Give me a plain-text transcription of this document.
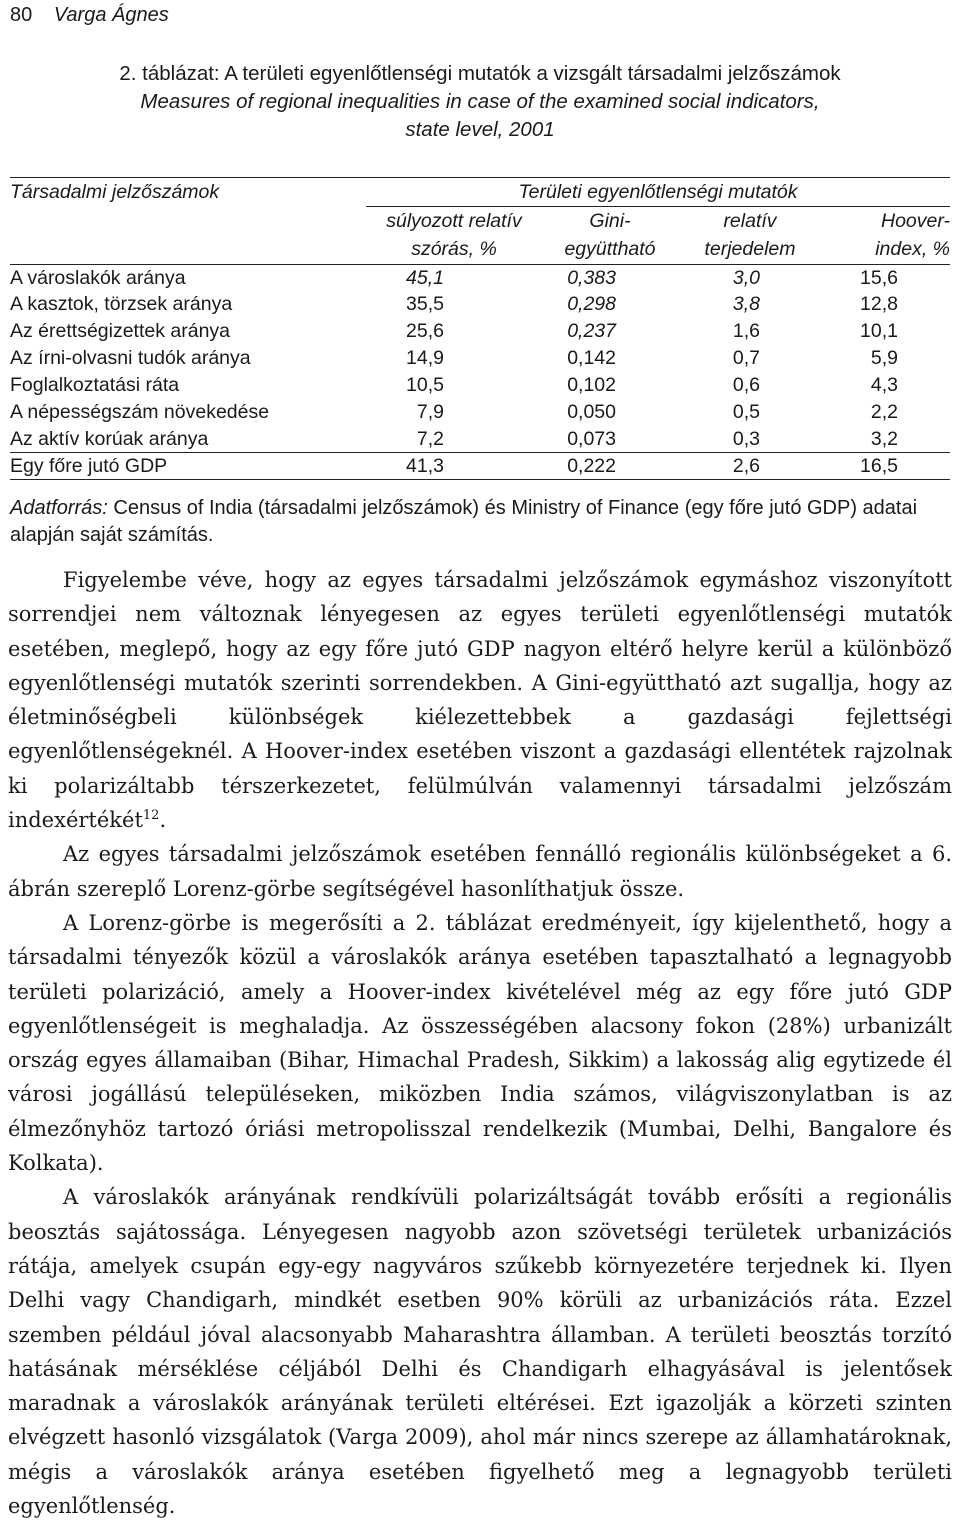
80 Varga Ágnes
2. táblázat: A területi egyenlőtlenségi mutatók a vizsgált társadalmi jelzőszámok
Measures of regional inequalities in case of the examined social indicators,
state level, 2001
Társadalmi jelzőszámok	Területi egyenlőtlenségi mutatók			
	súlyozott relatív	Gini-	relatív	Hoover-
	szórás, %	együttható	terjedelem	index, %
A városlakók aránya	45,1	0,383	3,0	15,6
A kasztok, törzsek aránya	35,5	0,298	3,8	12,8
Az érettségizettek aránya	25,6	0,237	1,6	10,1
Az írni-olvasni tudók aránya	14,9	0,142	0,7	5,9
Foglalkoztatási ráta	10,5	0,102	0,6	4,3
A népességszám növekedése	7,9	0,050	0,5	2,2
Az aktív korúak aránya	7,2	0,073	0,3	3,2
Egy főre jutó GDP	41,3	0,222	2,6	16,5
Adatforrás: Census of India (társadalmi jelzőszámok) és Ministry of Finance (egy főre jutó GDP) adatai alapján saját számítás.

Figyelembe véve, hogy az egyes társadalmi jelzőszámok egymáshoz viszonyított sorrendjei nem változnak lényegesen az egyes területi egyenlőtlenségi mutatók esetében, meglepő, hogy az egy főre jutó GDP nagyon eltérő helyre kerül a különböző egyenlőtlenségi mutatók szerinti sorrendekben. A Gini-együttható azt sugallja, hogy az életminőségbeli különbségek kiélezettebbek a gazdasági fejlettségi egyenlőtlenségeknél. A Hoover-index esetében viszont a gazdasági ellentétek rajzolnak ki polarizáltabb térszerkezetet, felülmúlván valamennyi társadalmi jelzőszám indexértékét$^{12}$.

Az egyes társadalmi jelzőszámok esetében fennálló regionális különbségeket a 6. ábrán szereplő Lorenz-görbe segítségével hasonlíthatjuk össze.

A Lorenz-görbe is megerősíti a 2. táblázat eredményeit, így kijelenthető, hogy a társadalmi tényezők közül a városlakók aránya esetében tapasztalható a legnagyobb területi polarizáció, amely a Hoover-index kivételével még az egy főre jutó GDP egyenlőtlenségeit is meghaladja. Az összességében alacsony fokon (28%) urbanizált ország egyes államaiban (Bihar, Himachal Pradesh, Sikkim) a lakosság alig egytizede él városi jogállású településeken, miközben India számos, világviszonylatban is az élmezőnyhöz tartozó óriási metropolisszal rendelkezik (Mumbai, Delhi, Bangalore és Kolkata).

A városlakók arányának rendkívüli polarizáltságát tovább erősíti a regionális beosztás sajátossága. Lényegesen nagyobb azon szövetségi területek urbanizációs rátája, amelyek csupán egy-egy nagyváros szűkebb környezetére terjednek ki. Ilyen Delhi vagy Chandigarh, mindkét esetben 90% körüli az urbanizációs ráta. Ezzel szemben például jóval alacsonyabb Maharashtra államban. A területi beosztás torzító hatásának mérséklése céljából Delhi és Chandigarh elhagyásával is jelentősek maradnak a városlakók arányának területi eltérései. Ezt igazolják a körzeti szinten elvégzett hasonló vizsgálatok (Varga 2009), ahol már nincs szerepe az államhatároknak, mégis a városlakók aránya esetében figyelhető meg a legnagyobb területi egyenlőtlenség.
